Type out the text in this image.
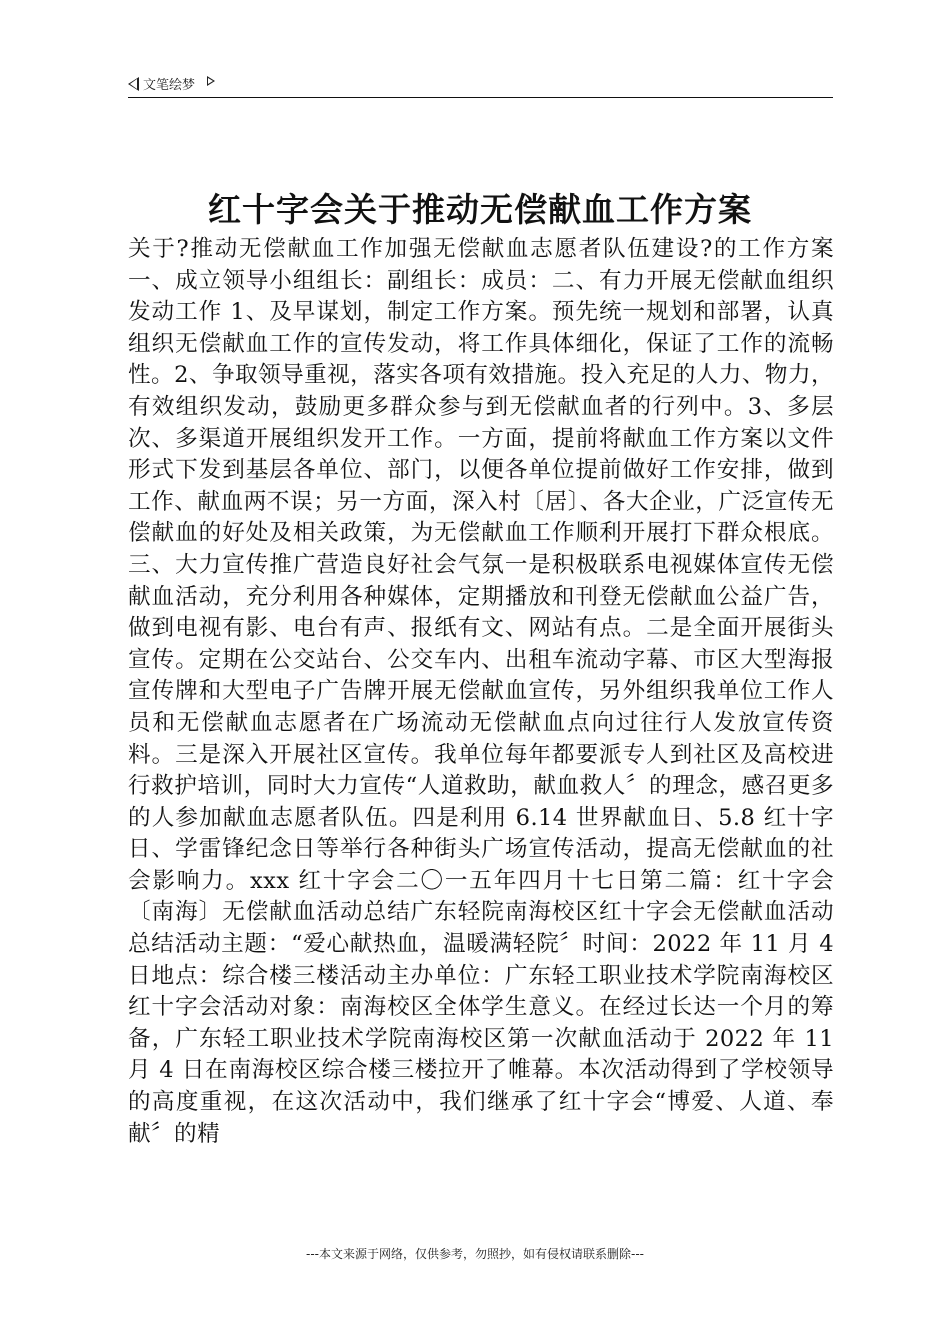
文笔绘梦
红十字会关于推动无偿献血工作方案

关于?推动无偿献血工作加强无偿献血志愿者队伍建设?的工作方案一、成立领导小组组长：副组长：成员：二、有力开展无偿献血组织发动工作 1、及早谋划，制定工作方案。预先统一规划和部署，认真组织无偿献血工作的宣传发动，将工作具体细化，保证了工作的流畅性。2、争取领导重视，落实各项有效措施。投入充足的人力、物力，有效组织发动，鼓励更多群众参与到无偿献血者的行列中。3、多层次、多渠道开展组织发开工作。一方面，提前将献血工作方案以文件形式下发到基层各单位、部门，以便各单位提前做好工作安排，做到工作、献血两不误；另一方面，深入村〔居〕、各大企业，广泛宣传无偿献血的好处及相关政策，为无偿献血工作顺利开展打下群众根底。三、大力宣传推广营造良好社会气氛一是积极联系电视媒体宣传无偿献血活动，充分利用各种媒体，定期播放和刊登无偿献血公益广告，做到电视有影、电台有声、报纸有文、网站有点。二是全面开展街头宣传。定期在公交站台、公交车内、出租车流动字幕、市区大型海报宣传牌和大型电子广告牌开展无偿献血宣传，另外组织我单位工作人员和无偿献血志愿者在广场流动无偿献血点向过往行人发放宣传资料。三是深入开展社区宣传。我单位每年都要派专人到社区及高校进行救护培训，同时大力宣传“人道救助，献血救人〞的理念，感召更多的人参加献血志愿者队伍。四是利用 6.14 世界献血日、5.8 红十字日、学雷锋纪念日等举行各种街头广场宣传活动，提高无偿献血的社会影响力。xxx 红十字会二〇一五年四月十七日第二篇：红十字会〔南海〕无偿献血活动总结广东轻院南海校区红十字会无偿献血活动总结活动主题：“爱心献热血，温暖满轻院〞时间：2022 年 11 月 4 日地点：综合楼三楼活动主办单位：广东轻工职业技术学院南海校区红十字会活动对象：南海校区全体学生意义。在经过长达一个月的筹备，广东轻工职业技术学院南海校区第一次献血活动于 2022 年 11 月 4 日在南海校区综合楼三楼拉开了帷幕。本次活动得到了学校领导的高度重视，在这次活动中，我们继承了红十字会“博爱、人道、奉献〞的精

---本文来源于网络，仅供参考，勿照抄，如有侵权请联系删除---
